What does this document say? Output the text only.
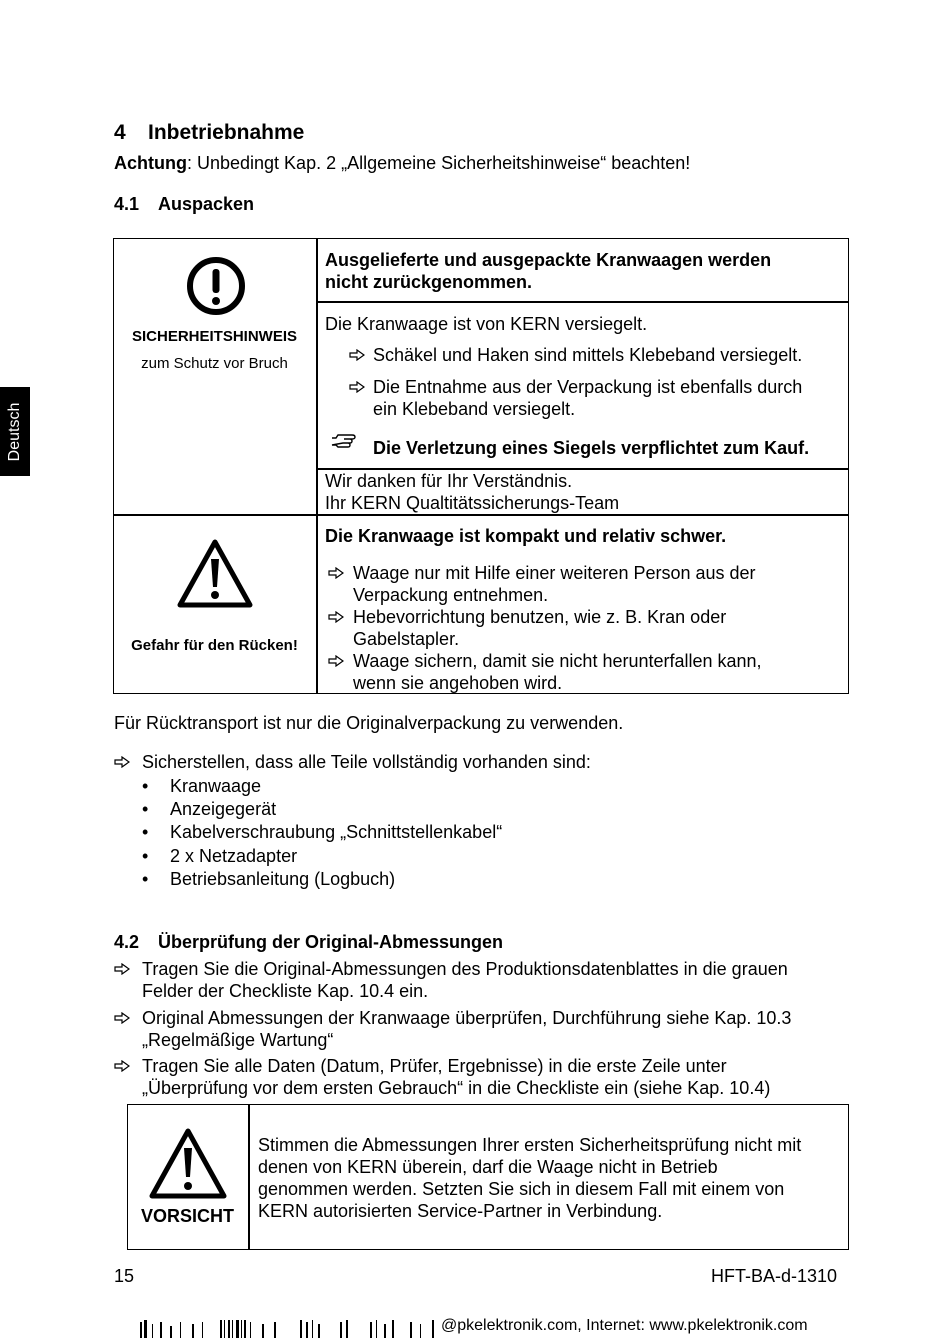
Deutsch
4 Inbetriebnahme
Achtung: Unbedingt Kap. 2 „Allgemeine Sicherheitshinweise“ beachten!
4.1 Auspacken
SICHERHEITSHINWEIS
zum Schutz vor Bruch
Ausgelieferte und ausgepackte Kranwaagen werden
nicht zurückgenommen.
Die Kranwaage ist von KERN versiegelt.
Schäkel und Haken sind mittels Klebeband versiegelt.
Die Entnahme aus der Verpackung ist ebenfalls durch
ein Klebeband versiegelt.
Die Verletzung eines Siegels verpflichtet zum Kauf.
Wir danken für Ihr Verständnis.
Ihr KERN Qualtitätssicherungs-Team
Gefahr für den Rücken!
Die Kranwaage ist kompakt und relativ schwer.
Waage nur mit Hilfe einer weiteren Person aus der
Verpackung entnehmen.
Hebevorrichtung benutzen, wie z. B. Kran oder
Gabelstapler.
Waage sichern, damit sie nicht herunterfallen kann,
wenn sie angehoben wird.
Für Rücktransport ist nur die Originalverpackung zu verwenden.
Sicherstellen, dass alle Teile vollständig vorhanden sind:
• Kranwaage
• Anzeigegerät
• Kabelverschraubung „Schnittstellenkabel“
• 2 x Netzadapter
• Betriebsanleitung (Logbuch)
4.2 Überprüfung der Original-Abmessungen
Tragen Sie die Original-Abmessungen des Produktionsdatenblattes in die grauen
Felder der Checkliste Kap. 10.4 ein.
Original Abmessungen der Kranwaage überprüfen, Durchführung siehe Kap. 10.3
„Regelmäßige Wartung“
Tragen Sie alle Daten (Datum, Prüfer, Ergebnisse) in die erste Zeile unter
„Überprüfung vor dem ersten Gebrauch“ in die Checkliste ein (siehe Kap. 10.4)
VORSICHT
Stimmen die Abmessungen Ihrer ersten Sicherheitsprüfung nicht mit
denen von KERN überein, darf die Waage nicht in Betrieb
genommen werden. Setzten Sie sich in diesem Fall mit einem von
KERN autorisierten Service-Partner in Verbindung.
15	HFT-BA-d-1310
@pkelektronik.com, Internet: www.pkelektronik.com
